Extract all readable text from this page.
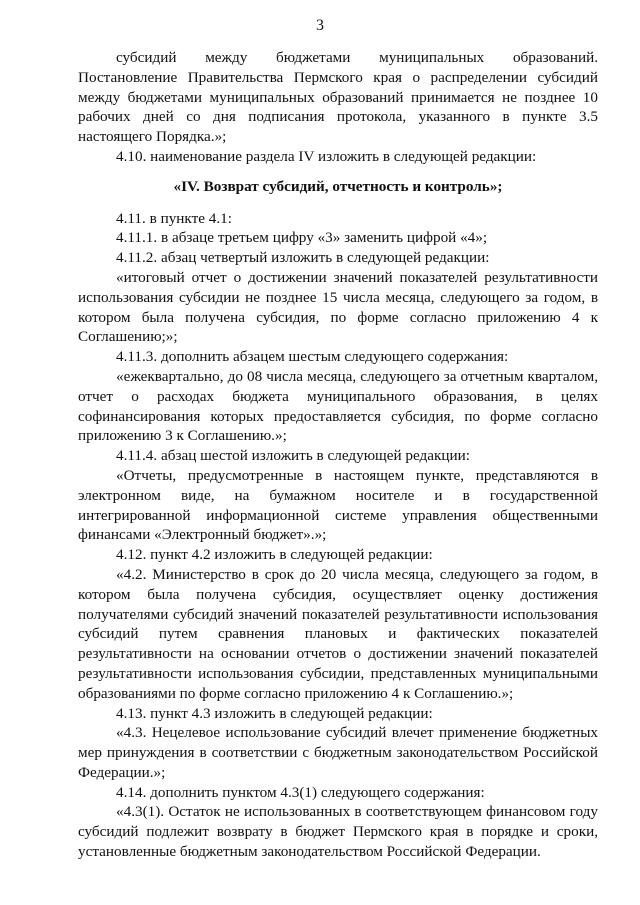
3

субсидий между бюджетами муниципальных образований. Постановление Правительства Пермского края о распределении субсидий между бюджетами муниципальных образований принимается не позднее 10 рабочих дней со дня подписания протокола, указанного в пункте 3.5 настоящего Порядка.»;

4.10. наименование раздела IV изложить в следующей редакции:

«IV. Возврат субсидий, отчетность и контроль»;

4.11. в пункте 4.1:

4.11.1. в абзаце третьем цифру «3» заменить цифрой «4»;

4.11.2. абзац четвертый изложить в следующей редакции:

«итоговый отчет о достижении значений показателей результативности использования субсидии не позднее 15 числа месяца, следующего за годом, в котором была получена субсидия, по форме согласно приложению 4 к Соглашению;»;

4.11.3. дополнить абзацем шестым следующего содержания:

«ежеквартально, до 08 числа месяца, следующего за отчетным кварталом, отчет о расходах бюджета муниципального образования, в целях софинансирования которых предоставляется субсидия, по форме согласно приложению 3 к Соглашению.»;

4.11.4. абзац шестой изложить в следующей редакции:

«Отчеты, предусмотренные в настоящем пункте, представляются в электронном виде, на бумажном носителе и в государственной интегрированной информационной системе управления общественными финансами «Электронный бюджет».»;

4.12. пункт 4.2 изложить в следующей редакции:

«4.2. Министерство в срок до 20 числа месяца, следующего за годом, в котором была получена субсидия, осуществляет оценку достижения получателями субсидий значений показателей результативности использования субсидий путем сравнения плановых и фактических показателей результативности на основании отчетов о достижении значений показателей результативности использования субсидии, представленных муниципальными образованиями по форме согласно приложению 4 к Соглашению.»;

4.13. пункт 4.3 изложить в следующей редакции:

«4.3. Нецелевое использование субсидий влечет применение бюджетных мер принуждения в соответствии с бюджетным законодательством Российской Федерации.»;

4.14. дополнить пунктом 4.3(1) следующего содержания:

«4.3(1). Остаток не использованных в соответствующем финансовом году субсидий подлежит возврату в бюджет Пермского края в порядке и сроки, установленные бюджетным законодательством Российской Федерации.
